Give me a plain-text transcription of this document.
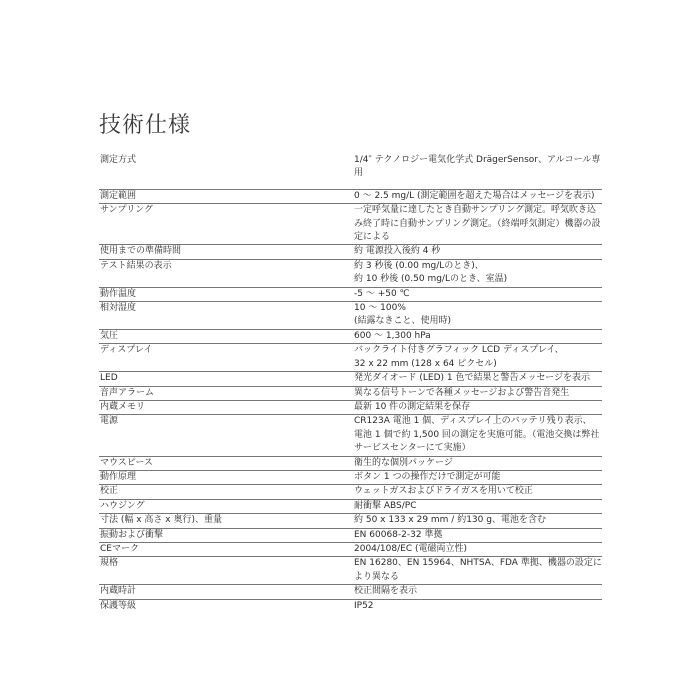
技術仕様
測定方式	1/4″ テクノロジー電気化学式 DrägerSensor、アルコール専用
測定範囲	0 ～ 2.5 mg/L (測定範囲を超えた場合はメッセージを表示)
サンプリング	一定呼気量に達したとき自動サンプリング測定。呼気吹き込み終了時に自動サンプリング測定。（終端呼気測定）機器の設定による
使用までの準備時間	約 電源投入後約 4 秒
テスト結果の表示	約 3 秒後 (0.00 mg/Lのとき)、
約 10 秒後 (0.50 mg/Lのとき、室温)
動作温度	-5 ～ +50 ℃
相対湿度	10 ～ 100%
(結露なきこと、使用時)
気圧	600 ～ 1,300 hPa
ディスプレイ	バックライト付きグラフィック LCD ディスプレイ、
32 x 22 mm (128 x 64 ピクセル)
LED	発光ダイオード (LED) 1 色で結果と警告メッセージを表示
音声アラーム	異なる信号トーンで各種メッセージおよび警告音発生
内蔵メモリ	最新 10 件の測定結果を保存
電源	CR123A 電池 1 個、ディスプレイ上のバッテリ残り表示、
電池 1 個で約 1,500 回の測定を実施可能。（電池交換は弊社
サービスセンターにて実施）
マウスピース	衛生的な個別パッケージ
動作原理	ボタン 1 つの操作だけで測定が可能
校正	ウェットガスおよびドライガスを用いて校正
ハウジング	耐衝撃 ABS/PC
寸法 (幅 x 高さ x 奥行)、重量	約 50 x 133 x 29 mm / 約130 g、電池を含む
振動および衝撃	EN 60068-2-32 準拠
CEマーク	2004/108/EC (電磁両立性)
規格	EN 16280、EN 15964、NHTSA、FDA 準拠、機器の設定に
より異なる
内蔵時計	校正間隔を表示
保護等級	IP52
